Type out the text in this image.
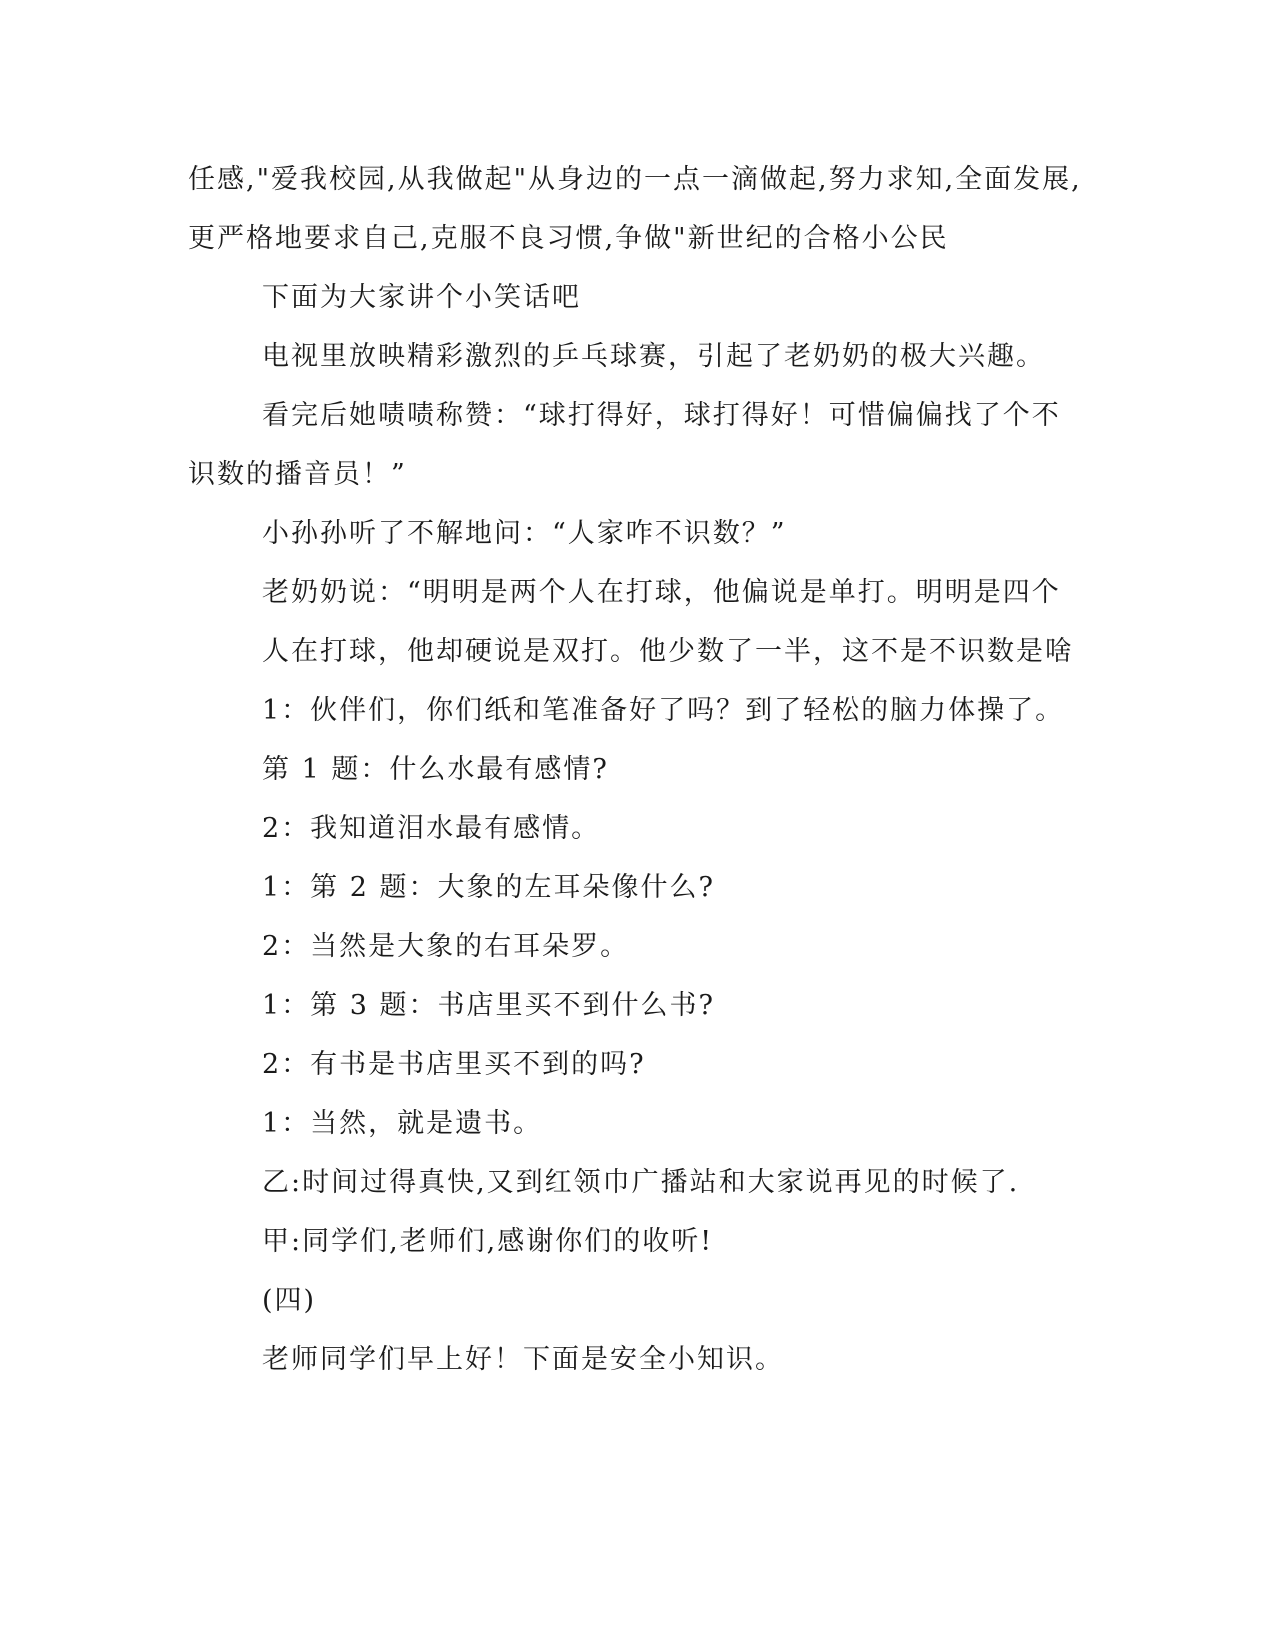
任感,"爱我校园,从我做起"从身边的一点一滴做起,努力求知,全面发展,
更严格地要求自己,克服不良习惯,争做"新世纪的合格小公民
下面为大家讲个小笑话吧
电视里放映精彩激烈的乒乓球赛，引起了老奶奶的极大兴趣。
看完后她啧啧称赞：“球打得好，球打得好！可惜偏偏找了个不
识数的播音员！”
小孙孙听了不解地问：“人家咋不识数？”
老奶奶说：“明明是两个人在打球，他偏说是单打。明明是四个
人在打球，他却硬说是双打。他少数了一半，这不是不识数是啥
1：伙伴们，你们纸和笔准备好了吗？到了轻松的脑力体操了。
第 1 题：什么水最有感情?
2：我知道泪水最有感情。
1：第 2 题：大象的左耳朵像什么?
2：当然是大象的右耳朵罗。
1：第 3 题：书店里买不到什么书?
2：有书是书店里买不到的吗?
1：当然，就是遗书。
乙:时间过得真快,又到红领巾广播站和大家说再见的时候了.
甲:同学们,老师们,感谢你们的收听!
(四)
老师同学们早上好！下面是安全小知识。
